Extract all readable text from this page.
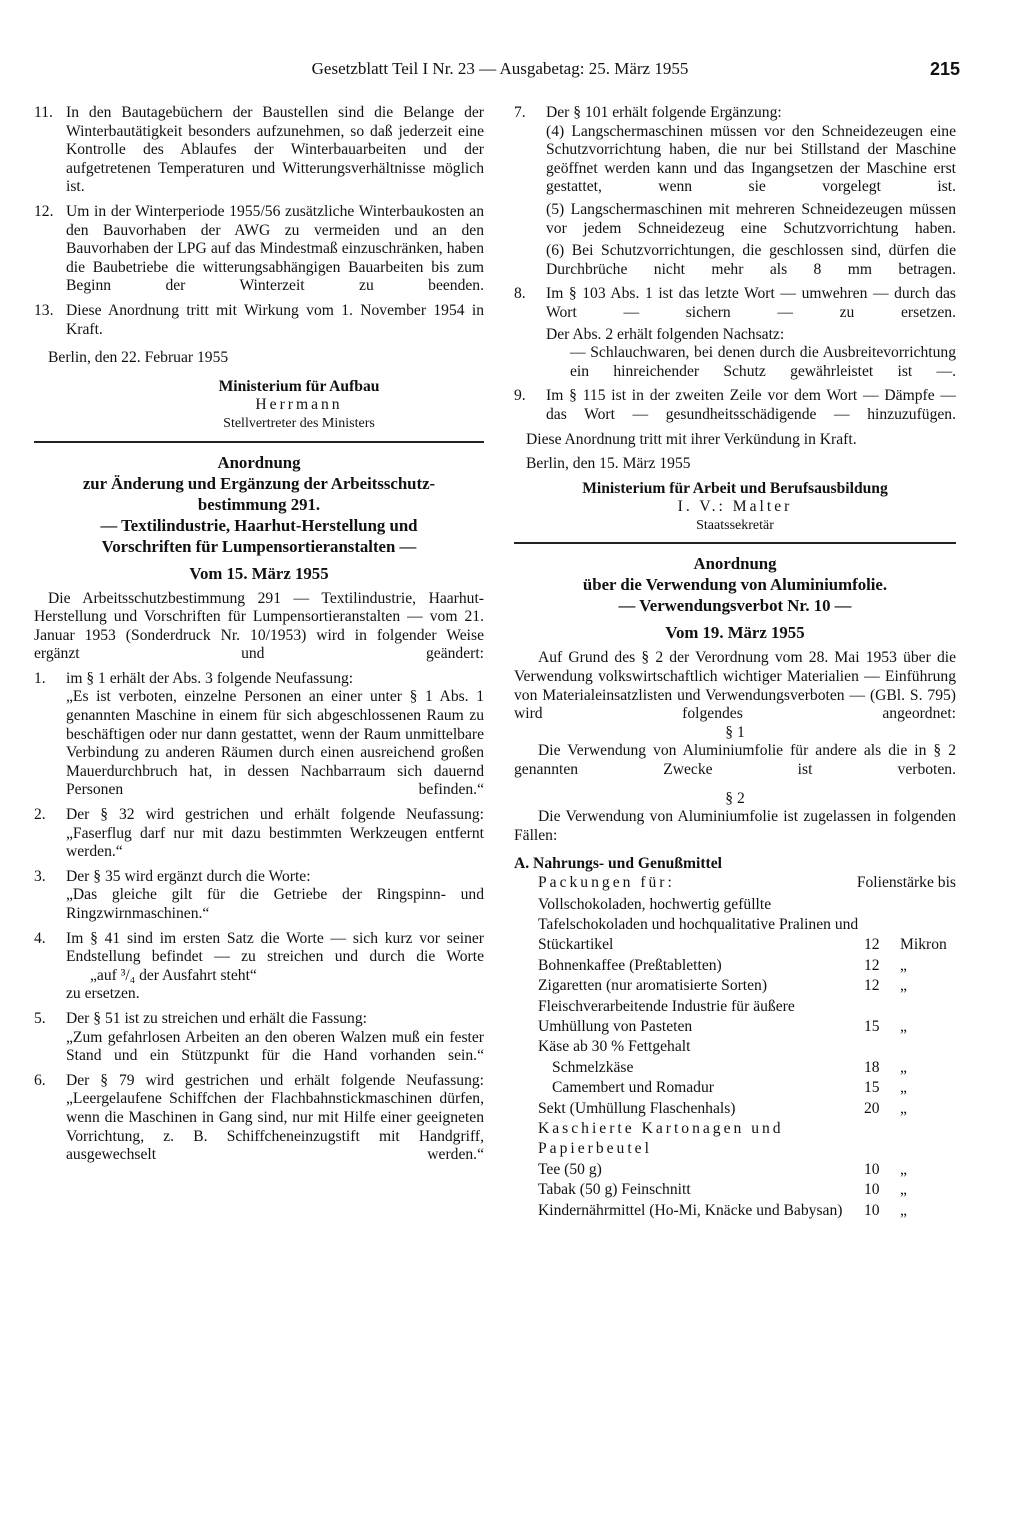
Gesetzblatt Teil I Nr. 23 — Ausgabetag: 25. März 1955	215
11. In den Bautagebüchern der Baustellen sind die Belange der Winterbautätigkeit besonders aufzunehmen, so daß jederzeit eine Kontrolle des Ablaufes der Winterbauarbeiten und der aufgetretenen Temperaturen und Witterungsverhältnisse möglich ist.

12. Um in der Winterperiode 1955/56 zusätzliche Winterbaukosten an den Bauvorhaben der AWG zu vermeiden und an den Bauvorhaben der LPG auf das Mindestmaß einzuschränken, haben die Baubetriebe die witterungsabhängigen Bauarbeiten bis zum Beginn der Winterzeit zu beenden.

13. Diese Anordnung tritt mit Wirkung vom 1. November 1954 in Kraft.

Berlin, den 22. Februar 1955

Ministerium für Aufbau

Herrmann

Stellvertreter des Ministers

Anordnung

zur Änderung und Ergänzung der Arbeitsschutz-

bestimmung 291.

— Textilindustrie, Haarhut-Herstellung und

Vorschriften für Lumpensortieranstalten —

Vom 15. März 1955

Die Arbeitsschutzbestimmung 291 — Textilindustrie, Haarhut-Herstellung und Vorschriften für Lumpensortieranstalten — vom 21. Januar 1953 (Sonderdruck Nr. 10/1953) wird in folgender Weise ergänzt und geändert:

1. im § 1 erhält der Abs. 3 folgende Neufassung:

„Es ist verboten, einzelne Personen an einer unter § 1 Abs. 1 genannten Maschine in einem für sich abgeschlossenen Raum zu beschäftigen oder nur dann gestattet, wenn der Raum unmittelbare Verbindung zu anderen Räumen durch einen ausreichend großen Mauerdurchbruch hat, in dessen Nachbarraum sich dauernd Personen befinden.“

2. Der § 32 wird gestrichen und erhält folgende Neufassung:

„Faserflug darf nur mit dazu bestimmten Werkzeugen entfernt werden.“

3. Der § 35 wird ergänzt durch die Worte:

„Das gleiche gilt für die Getriebe der Ringspinn- und Ringzwirnmaschinen.“

4. Im § 41 sind im ersten Satz die Worte — sich kurz vor seiner Endstellung befindet — zu streichen und durch die Worte

„auf ³/₄ der Ausfahrt steht“

zu ersetzen.

5. Der § 51 ist zu streichen und erhält die Fassung:

„Zum gefahrlosen Arbeiten an den oberen Walzen muß ein fester Stand und ein Stützpunkt für die Hand vorhanden sein.“

6. Der § 79 wird gestrichen und erhält folgende Neufassung:

„Leergelaufene Schiffchen der Flachbahnstickmaschinen dürfen, wenn die Maschinen in Gang sind, nur mit Hilfe einer geeigneten Vorrichtung, z. B. Schiffcheneinzugstift mit Handgriff, ausgewechselt werden.“

7. Der § 101 erhält folgende Ergänzung:

(4) Langschermaschinen müssen vor den Schneidezeugen eine Schutzvorrichtung haben, die nur bei Stillstand der Maschine geöffnet werden kann und das Ingangsetzen der Maschine erst gestattet, wenn sie vorgelegt ist.

(5) Langschermaschinen mit mehreren Schneidezeugen müssen vor jedem Schneidezeug eine Schutzvorrichtung haben.

(6) Bei Schutzvorrichtungen, die geschlossen sind, dürfen die Durchbrüche nicht mehr als 8 mm betragen.

8. Im § 103 Abs. 1 ist das letzte Wort — umwehren — durch das Wort — sichern — zu ersetzen.

Der Abs. 2 erhält folgenden Nachsatz:

— Schlauchwaren, bei denen durch die Ausbreitevorrichtung ein hinreichender Schutz gewährleistet ist —.

9. Im § 115 ist in der zweiten Zeile vor dem Wort — Dämpfe — das Wort — gesundheitsschädigende — hinzuzufügen.

Diese Anordnung tritt mit ihrer Verkündung in Kraft.

Berlin, den 15. März 1955

Ministerium für Arbeit und Berufsausbildung

I. V.: Malter

Staatssekretär

Anordnung

über die Verwendung von Aluminiumfolie.

— Verwendungsverbot Nr. 10 —

Vom 19. März 1955

Auf Grund des § 2 der Verordnung vom 28. Mai 1953 über die Verwendung volkswirtschaftlich wichtiger Materialien — Einführung von Materialeinsatzlisten und Verwendungsverboten — (GBl. S. 795) wird folgendes angeordnet:

§ 1

Die Verwendung von Aluminiumfolie für andere als die in § 2 genannten Zwecke ist verboten.

§ 2

Die Verwendung von Aluminiumfolie ist zugelassen in folgenden Fällen:

A. Nahrungs- und Genußmittel

Packungen für:	Folienstärke bis
Vollschokoladen, hochwertig gefüllte Tafelschokoladen und hochqualitative Pralinen und Stückartikel	12	Mikron
Bohnenkaffee (Preßtabletten)	12	„
Zigaretten (nur aromatisierte Sorten)	12	„
Fleischverarbeitende Industrie für äußere Umhüllung von Pasteten	15	„
Käse ab 30 % Fettgehalt		
Schmelzkäse	18	„
Camembert und Romadur	15	„
Sekt (Umhüllung Flaschenhals)	20	„
Kaschierte Kartonagen und Papierbeutel		
Tee (50 g)	10	„
Tabak (50 g) Feinschnitt	10	„
Kindernährmittel (Ho-Mi, Knäcke und Babysan)	10	„
